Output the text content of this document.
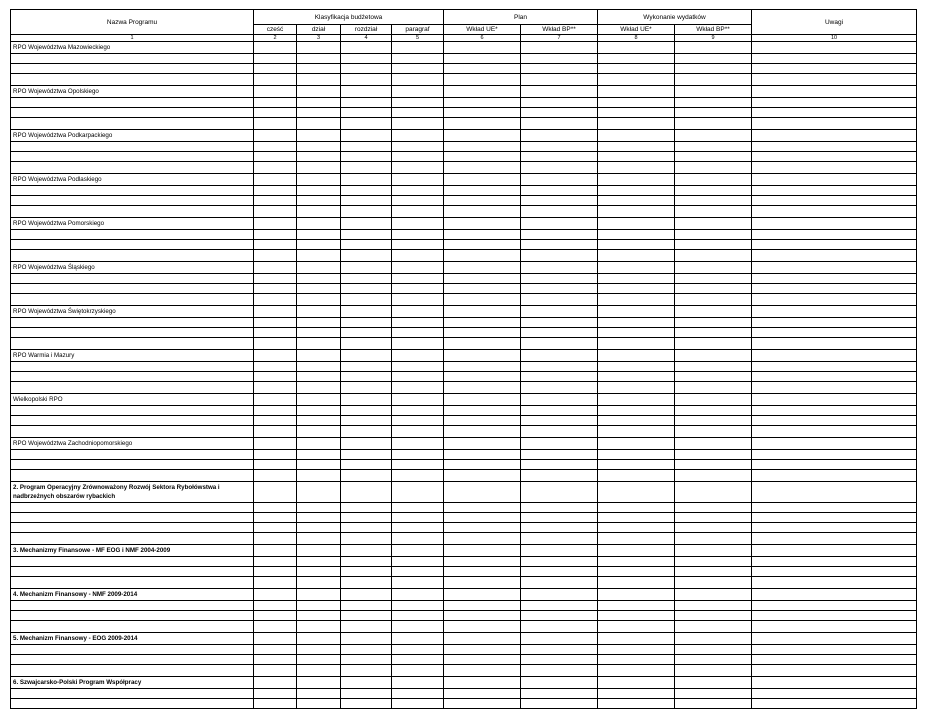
Nazwa Programu	Klasyfikacja budżetowa				Plan		Wykonanie wydatków		Uwagi
	cześć	dział	rozdział	paragraf	Wkład UE*	Wkład BP**	Wkład UE*	Wkład BP**	
1	2	3	4	5	6	7	8	9	10
RPO Województwa Mazowieckiego									

RPO Województwa Opolskiego									

RPO Województwa Podkarpackiego									

RPO Województwa Podlaskiego									

RPO Województwa Pomorskiego									

RPO Województwa Śląskiego									

RPO Województwa Świętokrzyskiego									

RPO Warmia i Mazury									

Wielkopolski RPO									

RPO Województwa Zachodniopomorskiego									

2. Program Operacyjny Zrównoważony Rozwój Sektora Rybołówstwa i nadbrzeżnych obszarów rybackich									

3. Mechanizmy Finansowe - MF EOG i NMF 2004-2009									

4. Mechanizm Finansowy - NMF 2009-2014									

5. Mechanizm Finansowy - EOG 2009-2014									

6. Szwajcarsko-Polski Program Współpracy									
